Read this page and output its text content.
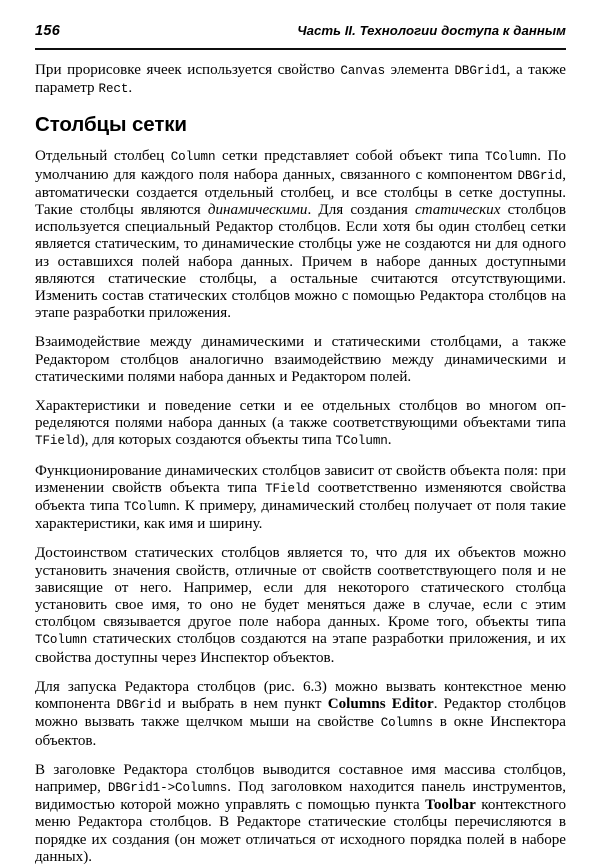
156	Часть II. Технологии доступа к данным

При прорисовке ячеек используется свойство Canvas элемента DBGrid1, а также параметр Rect.

Столбцы сетки

Отдельный столбец Column сетки представляет собой объект типа TColumn. По умолчанию для каждого поля набора данных, связанного с компонентом DBGrid, автоматически создается отдельный столбец, и все столбцы в сетке доступны. Такие столбцы являются динамическими. Для создания статических столбцов используется специальный Редактор столбцов. Если хотя бы один столбец сетки является статическим, то динамические столбцы уже не создаются ни для одного из оставшихся полей набора данных. Причем в наборе данных доступными являются статические столбцы, а остальные считаются отсутствующими. Изменить состав статических столбцов можно с помощью Редактора столбцов на этапе разработки приложения.

Взаимодействие между динамическими и статическими столбцами, а также Редактором столбцов аналогично взаимодействию между динамическими и статическими полями набора данных и Редактором полей.

Характеристики и поведение сетки и ее отдельных столбцов во многом определяются полями набора данных (а также соответствующими объектами типа TField), для которых создаются объекты типа TColumn.

Функционирование динамических столбцов зависит от свойств объекта поля: при изменении свойств объекта типа TField соответственно изменяются свойства объекта типа TColumn. К примеру, динамический столбец получает от поля такие характеристики, как имя и ширину.

Достоинством статических столбцов является то, что для их объектов можно установить значения свойств, отличные от свойств соответствующего поля и не зависящие от него. Например, если для некоторого статического столбца установить свое имя, то оно не будет меняться даже в случае, если с этим столбцом связывается другое поле набора данных. Кроме того, объекты типа TColumn статических столбцов создаются на этапе разработки приложения, и их свойства доступны через Инспектор объектов.

Для запуска Редактора столбцов (рис. 6.3) можно вызвать контекстное меню компонента DBGrid и выбрать в нем пункт Columns Editor. Редактор столбцов можно вызвать также щелчком мыши на свойстве Columns в окне Инспектора объектов.

В заголовке Редактора столбцов выводится составное имя массива столбцов, например, DBGrid1->Columns. Под заголовком находится панель инструментов, видимостью которой можно управлять с помощью пункта Toolbar контекстного меню Редактора столбцов. В Редакторе статические столбцы перечисляются в порядке их создания (он может отличаться от исходного порядка полей в наборе данных).
